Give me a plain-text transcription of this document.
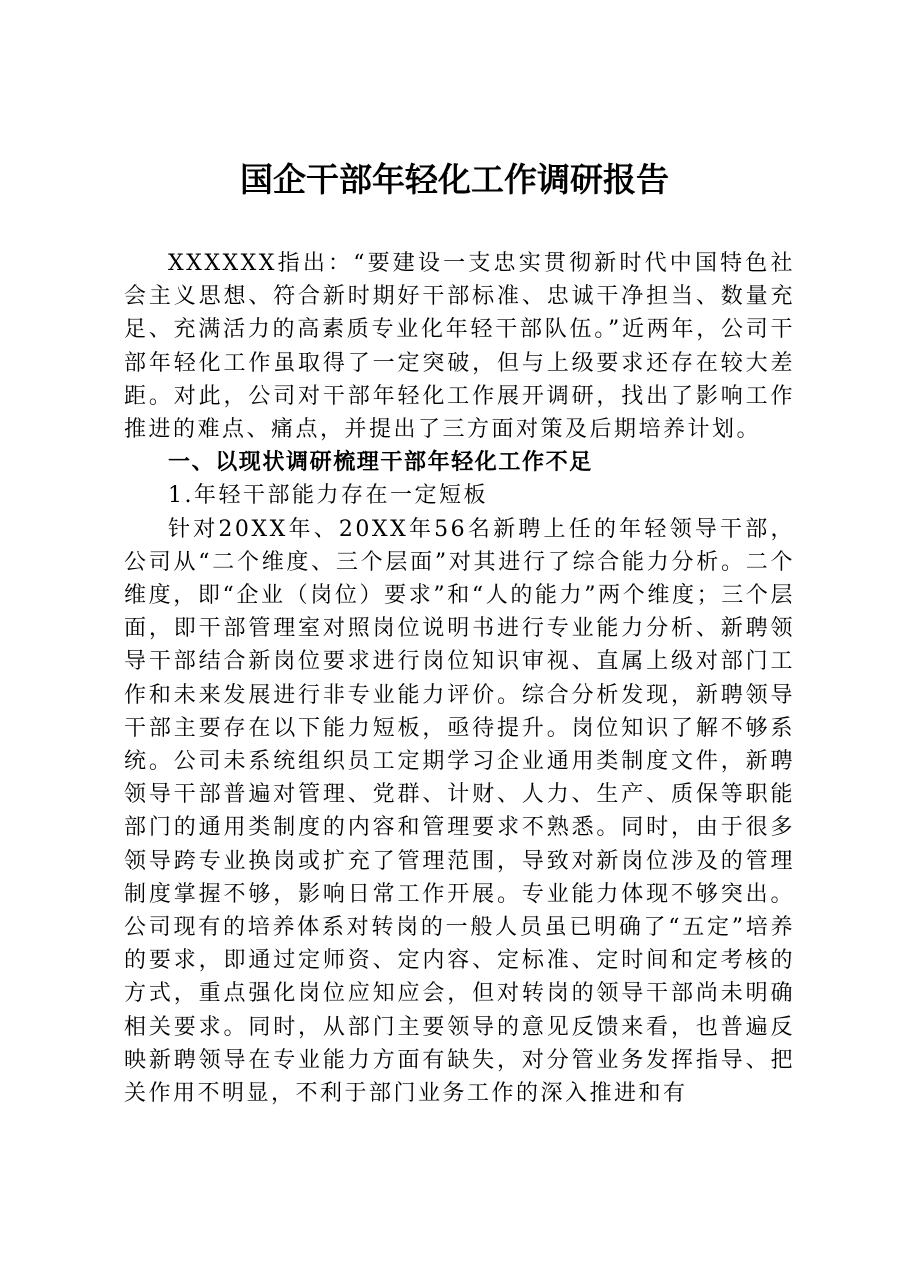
国企干部年轻化工作调研报告

XXXXXX指出：“要建设一支忠实贯彻新时代中国特色社会主义思想、符合新时期好干部标准、忠诚干净担当、数量充足、充满活力的高素质专业化年轻干部队伍。”近两年，公司干部年轻化工作虽取得了一定突破，但与上级要求还存在较大差距。对此，公司对干部年轻化工作展开调研，找出了影响工作推进的难点、痛点，并提出了三方面对策及后期培养计划。

一、以现状调研梳理干部年轻化工作不足

1.年轻干部能力存在一定短板

针对20XX年、20XX年56名新聘上任的年轻领导干部，公司从“二个维度、三个层面”对其进行了综合能力分析。二个维度，即“企业（岗位）要求”和“人的能力”两个维度；三个层面，即干部管理室对照岗位说明书进行专业能力分析、新聘领导干部结合新岗位要求进行岗位知识审视、直属上级对部门工作和未来发展进行非专业能力评价。综合分析发现，新聘领导干部主要存在以下能力短板，亟待提升。岗位知识了解不够系统。公司未系统组织员工定期学习企业通用类制度文件，新聘领导干部普遍对管理、党群、计财、人力、生产、质保等职能部门的通用类制度的内容和管理要求不熟悉。同时，由于很多领导跨专业换岗或扩充了管理范围，导致对新岗位涉及的管理制度掌握不够，影响日常工作开展。专业能力体现不够突出。公司现有的培养体系对转岗的一般人员虽已明确了“五定”培养的要求，即通过定师资、定内容、定标准、定时间和定考核的方式，重点强化岗位应知应会，但对转岗的领导干部尚未明确相关要求。同时，从部门主要领导的意见反馈来看，也普遍反映新聘领导在专业能力方面有缺失，对分管业务发挥指导、把关作用不明显，不利于部门业务工作的深入推进和有
